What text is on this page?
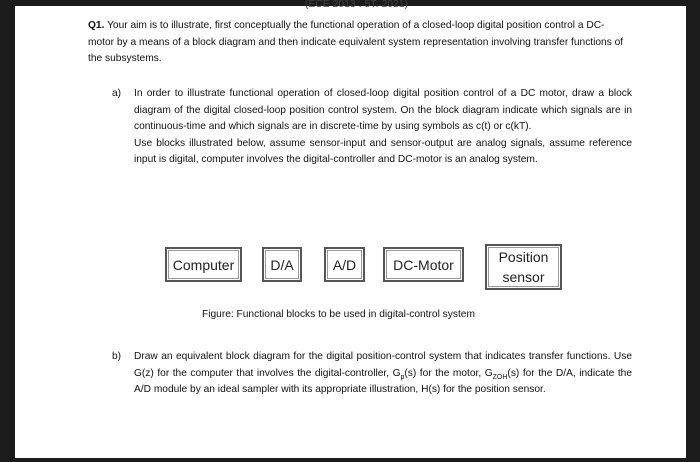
(ECE 2013 . 5T. 2021)

Q1. Your aim is to illustrate, first conceptually the functional operation of a closed-loop digital position control a DC-motor by a means of a block diagram and then indicate equivalent system representation involving transfer functions of the subsystems.

a) In order to illustrate functional operation of closed-loop digital position control of a DC motor, draw a block diagram of the digital closed-loop position control system. On the block diagram indicate which signals are in continuous-time and which signals are in discrete-time by using symbols as c(t) or c(kT).

Use blocks illustrated below, assume sensor-input and sensor-output are analog signals, assume reference input is digital, computer involves the digital-controller and DC-motor is an analog system.

Computer	D/A	A/D	DC-Motor	Position
sensor
Figure: Functional blocks to be used in digital-control system
b) Draw an equivalent block diagram for the digital position-control system that indicates transfer functions. Use G(z) for the computer that involves the digital-controller, $G_p(s)$ for the motor, $G_{ZOH}(s)$ for the D/A, indicate the A/D module by an ideal sampler with its appropriate illustration, H(s) for the position sensor.
